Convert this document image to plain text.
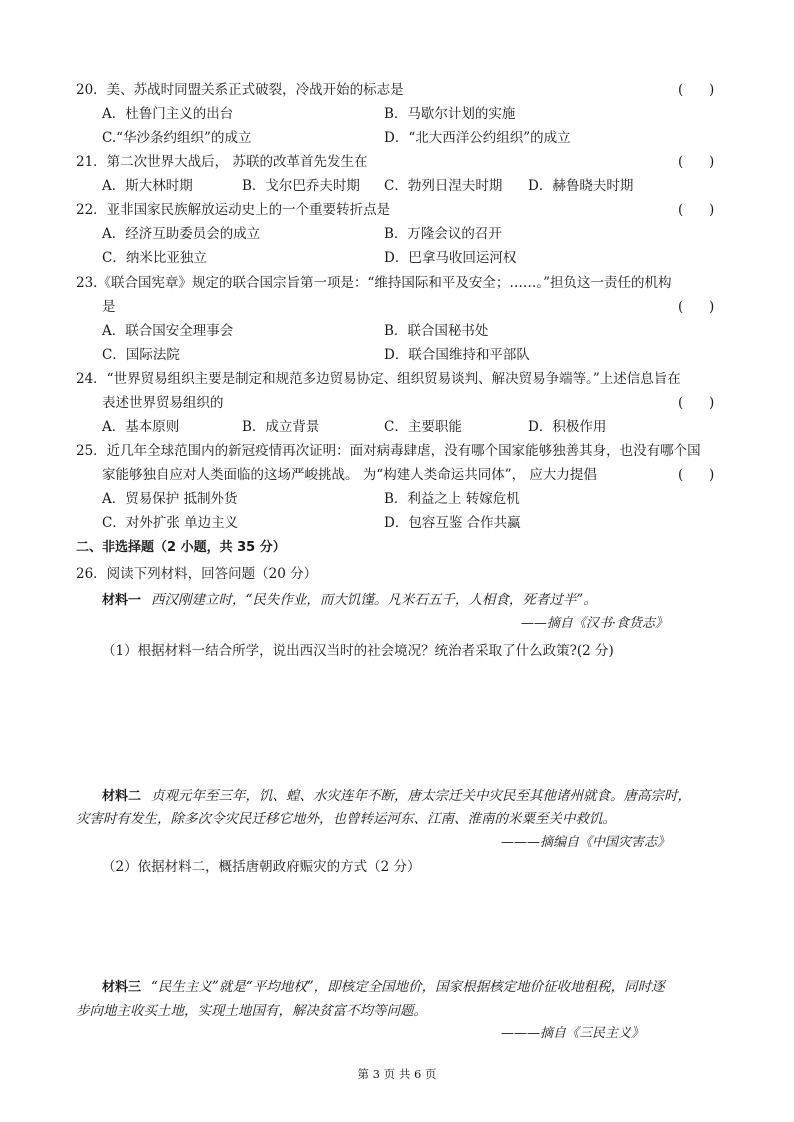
20．美、苏战时同盟关系正式破裂，冷战开始的标志是	(      )
A．杜鲁门主义的出台	B．马歇尔计划的实施
C.“华沙条约组织”的成立	D．“北大西洋公约组织”的成立
21．第二次世界大战后， 苏联的改革首先发生在	(      )
A．斯大林时期	B．戈尔巴乔夫时期 C．勃列日涅夫时期 D．赫鲁晓夫时期
22．亚非国家民族解放运动史上的一个重要转折点是	(      )
A．经济互助委员会的成立	B．万隆会议的召开
C．纳米比亚独立	D．巴拿马收回运河权
23.《联合国宪章》规定的联合国宗旨第一项是：“维持国际和平及安全；……。”担负这一责任的机构
是	(      )
A．联合国安全理事会	B．联合国秘书处
C．国际法院	D．联合国维持和平部队
24．“世界贸易组织主要是制定和规范多边贸易协定、组织贸易谈判、解决贸易争端等。”上述信息旨在
表述世界贸易组织的	(      )
A．基本原则	B．成立背景	C．主要职能	D．积极作用
25．近几年全球范围内的新冠疫情再次证明：面对病毒肆虐，没有哪个国家能够独善其身，也没有哪个国
家能够独自应对人类面临的这场严峻挑战。 为“构建人类命运共同体”， 应大力提倡	(      )
A．贸易保护 抵制外货	B．利益之上 转嫁危机
C．对外扩张 单边主义	D．包容互鉴 合作共赢
二、非选择题（2 小题，共 35 分）
26．阅读下列材料，回答问题（20 分）
材料一 西汉刚建立时，“民失作业，而大饥馑。凡米石五千，人相食，死者过半”。
——摘自《汉书·食货志》
（1）根据材料一结合所学，说出西汉当时的社会境况？统治者采取了什么政策?(2 分)
材料二 贞观元年至三年，饥、蝗、水灾连年不断，唐太宗迁关中灾民至其他诸州就食。唐高宗时，
灾害时有发生，除多次令灾民迁移它地外，也曾转运河东、江南、淮南的米粟至关中救饥。
———摘编自《中国灾害志》
（2）依据材料二，概括唐朝政府赈灾的方式（2 分）
材料三 “民生主义”就是“平均地权”，即核定全国地价，国家根据核定地价征收地租税，同时逐
步向地主收买土地，实现土地国有，解决贫富不均等问题。
———摘自《三民主义》
第 3 页 共 6 页
